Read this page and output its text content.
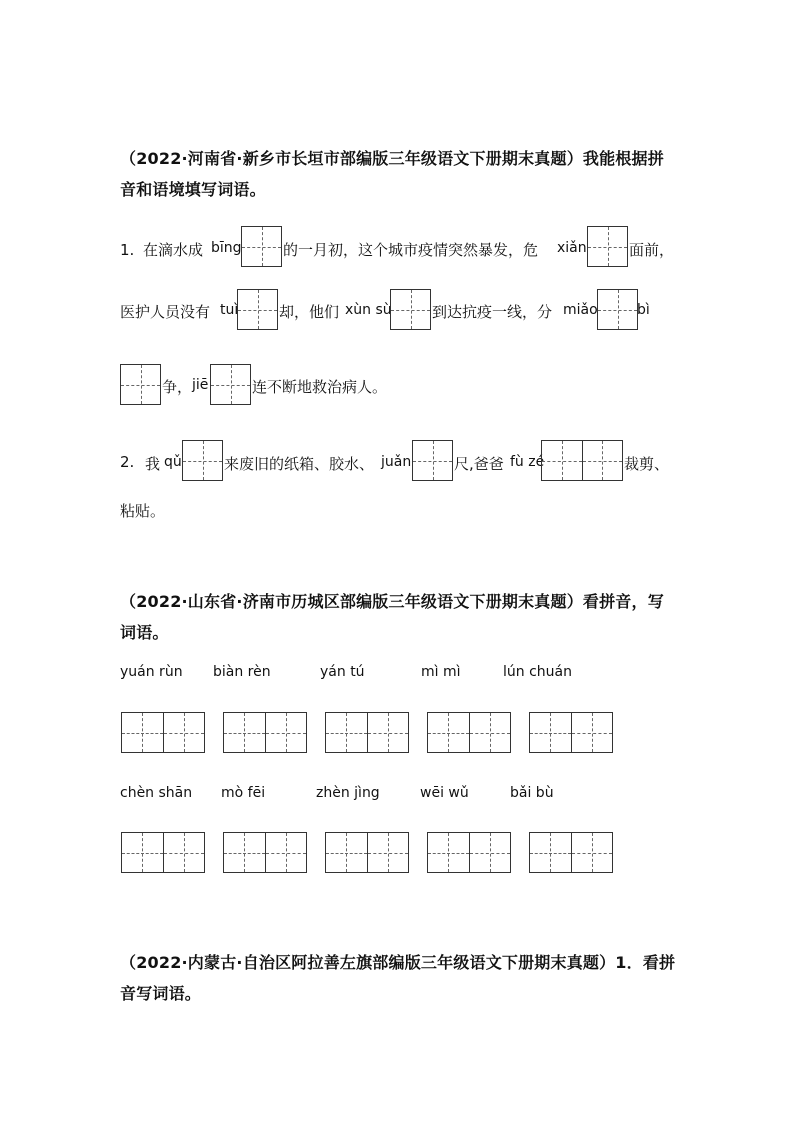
（2022·河南省·新乡市长垣市部编版三年级语文下册期末真题）我能根据拼
音和语境填写词语。
1. 在滴水成 bīng	的一月初，这个城市疫情突然暴发，危 xiǎn	面前，
医护人员没有 tuì	却，他们 xùn sù	到达抗疫一线，分 miǎo	bì
争， jiē	连不断地救治病人。
2. 我 qǔ	来废旧的纸箱、胶水、 juǎn	尺,爸爸 fù zé	裁剪、
粘贴。
（2022·山东省·济南市历城区部编版三年级语文下册期末真题）看拼音，写
词语。
yuán rùn biàn rèn	yán tú	mì mì	lún chuán
chèn shān mò fēi	zhèn jìng	wēi wǔ	bǎi bù
（2022·内蒙古·自治区阿拉善左旗部编版三年级语文下册期末真题）1．看拼
音写词语。
